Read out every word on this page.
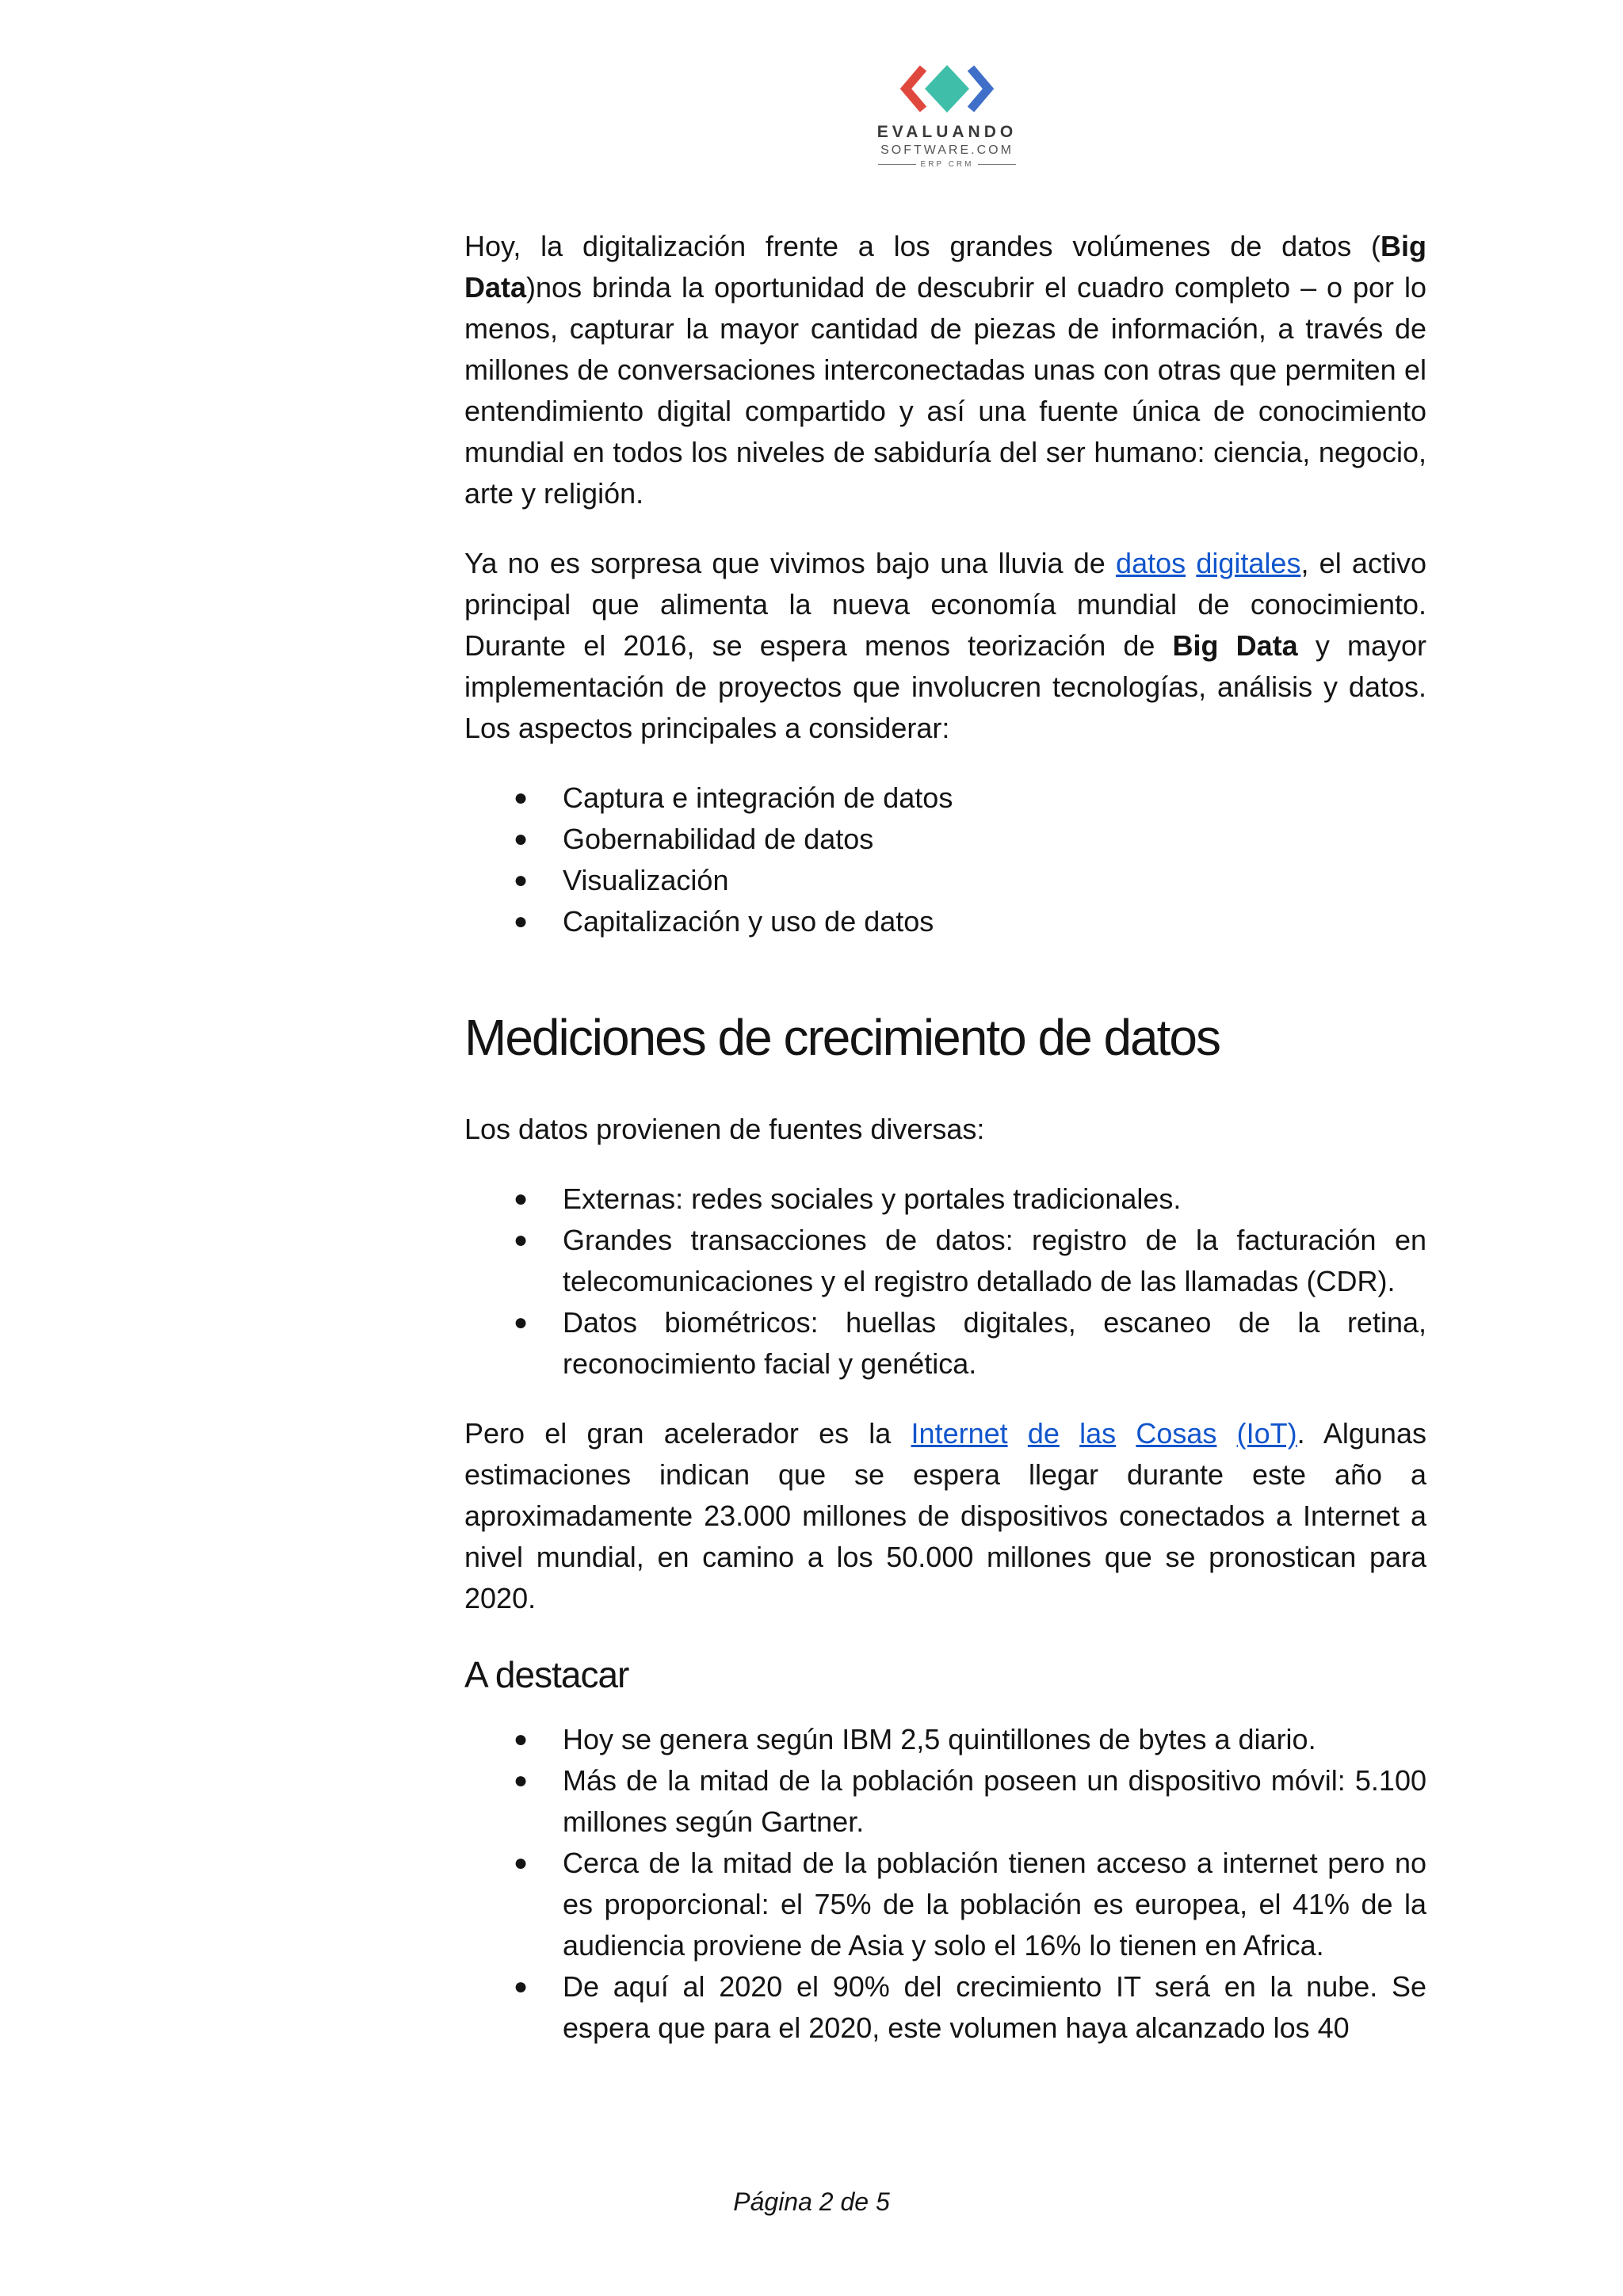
EVALUANDO
SOFTWARE.COM
ERP CRM

Hoy, la digitalización frente a los grandes volúmenes de datos (Big Data)nos brinda la oportunidad de descubrir el cuadro completo – o por lo menos, capturar la mayor cantidad de piezas de información, a través de millones de conversaciones interconectadas unas con otras que permiten el entendimiento digital compartido y así una fuente única de conocimiento mundial en todos los niveles de sabiduría del ser humano: ciencia, negocio, arte y religión.

Ya no es sorpresa que vivimos bajo una lluvia de datos digitales, el activo principal que alimenta la nueva economía mundial de conocimiento. Durante el 2016, se espera menos teorización de Big Data y mayor implementación de proyectos que involucren tecnologías, análisis y datos. Los aspectos principales a considerar:

● Captura e integración de datos
● Gobernabilidad de datos
● Visualización
● Capitalización y uso de datos
Mediciones de crecimiento de datos

Los datos provienen de fuentes diversas:

● Externas: redes sociales y portales tradicionales.
● Grandes transacciones de datos: registro de la facturación en telecomunicaciones y el registro detallado de las llamadas (CDR).
● Datos biométricos: huellas digitales, escaneo de la retina, reconocimiento facial y genética.

Pero el gran acelerador es la Internet de las Cosas (IoT). Algunas estimaciones indican que se espera llegar durante este año a aproximadamente 23.000 millones de dispositivos conectados a Internet a nivel mundial, en camino a los 50.000 millones que se pronostican para 2020.

A destacar
● Hoy se genera según IBM 2,5 quintillones de bytes a diario.
● Más de la mitad de la población poseen un dispositivo móvil: 5.100 millones según Gartner.
● Cerca de la mitad de la población tienen acceso a internet pero no es proporcional: el 75% de la población es europea, el 41% de la audiencia proviene de Asia y solo el 16% lo tienen en Africa.
● De aquí al 2020 el 90% del crecimiento IT será en la nube. Se espera que para el 2020, este volumen haya alcanzado los 40
Página 2 de 5
